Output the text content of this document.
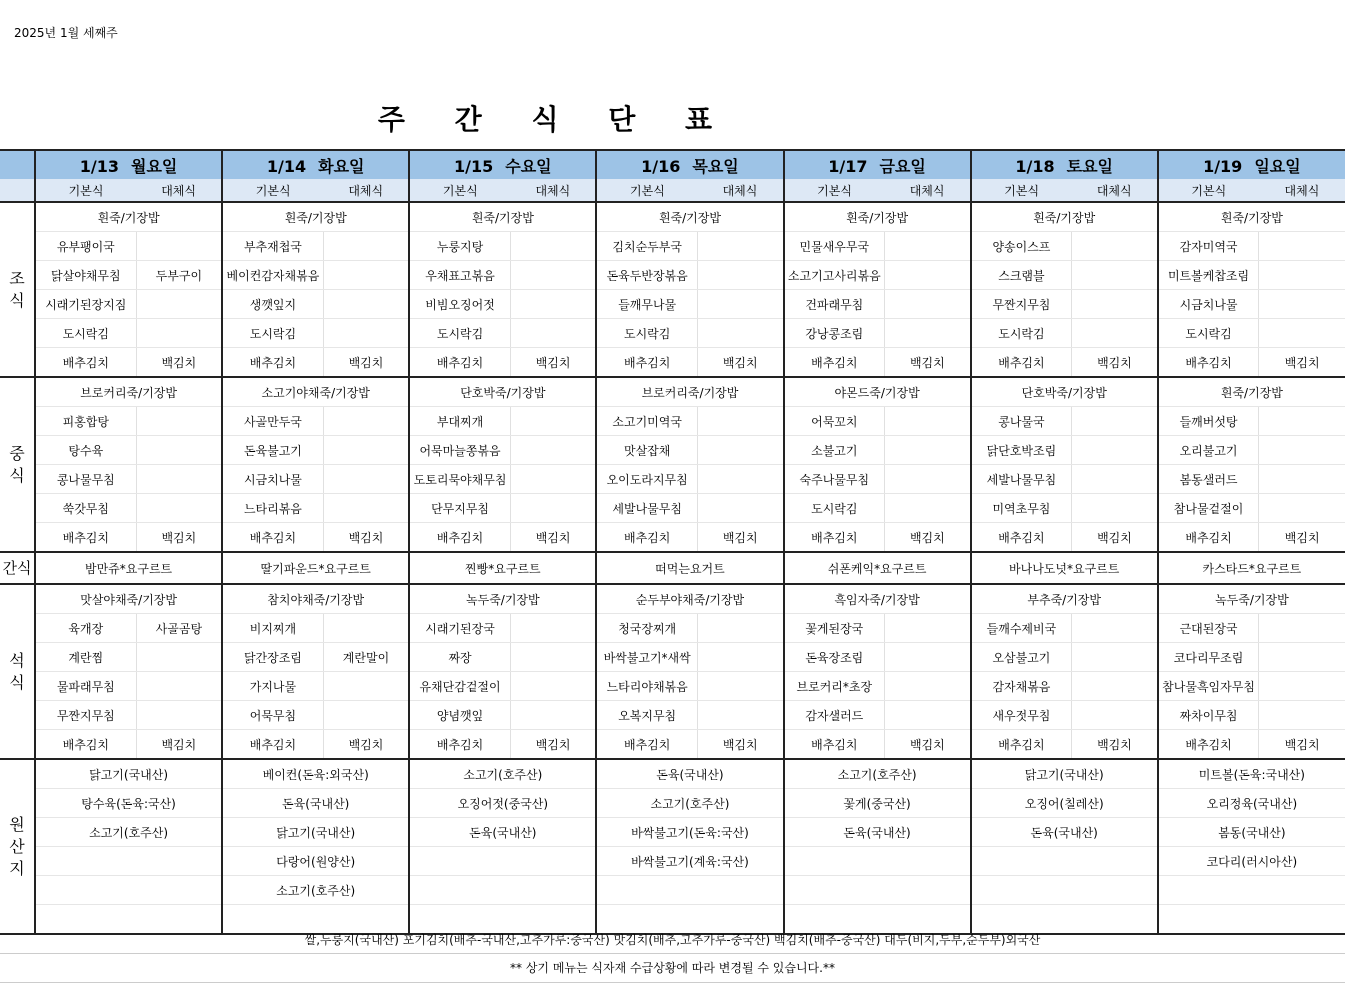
2025년 1월 세째주
주 간 식 단 표
	1/13 월요일		1/14 화요일		1/15 수요일		1/16 목요일		1/17 금요일		1/18 토요일		1/19 일요일	
	기본식	대체식	기본식	대체식	기본식	대체식	기본식	대체식	기본식	대체식	기본식	대체식	기본식	대체식
조
식	흰죽/기장밥		흰죽/기장밥		흰죽/기장밥		흰죽/기장밥		흰죽/기장밥		흰죽/기장밥		흰죽/기장밥	
	유부팽이국		부추재첩국		누룽지탕		김치순두부국		민물새우무국		양송이스프		감자미역국	
	닭살야채무침	두부구이	베이컨감자채볶음		우채표고볶음		돈육두반장볶음		소고기고사리볶음		스크램블		미트볼케찹조림	
	시래기된장지짐		생깻잎지		비빔오징어젓		들깨무나물		건파래무침		무짠지무침		시금치나물	
	도시락김		도시락김		도시락김		도시락김		강낭콩조림		도시락김		도시락김	
	배추김치	백김치	배추김치	백김치	배추김치	백김치	배추김치	백김치	배추김치	백김치	배추김치	백김치	배추김치	백김치
중
식	브로커리죽/기장밥		소고기야채죽/기장밥		단호박죽/기장밥		브로커리죽/기장밥		야몬드죽/기장밥		단호박죽/기장밥		흰죽/기장밥	
	피홍합탕		사골만두국		부대찌개		소고기미역국		어묵꼬치		콩나물국		들깨버섯탕	
	탕수육		돈육불고기		어묵마늘쫑볶음		맛살잡채		소불고기		닭단호박조림		오리불고기	
	콩나물무침		시금치나물		도토리묵야채무침		오이도라지무침		숙주나물무침		세발나물무침		봄동샐러드	
	쑥갓무침		느타리볶음		단무지무침		세발나물무침		도시락김		미역초무침		참나물겉절이	
	배추김치	백김치	배추김치	백김치	배추김치	백김치	배추김치	백김치	배추김치	백김치	배추김치	백김치	배추김치	백김치
간식	밤만쥬*요구르트		딸기파운드*요구르트		찐빵*요구르트		떠먹는요거트		쉬폰케익*요구르트		바나나도넛*요구르트		카스타드*요구르트	
석
식	맛살야채죽/기장밥		참치야채죽/기장밥		녹두죽/기장밥		순두부야채죽/기장밥		흑임자죽/기장밥		부추죽/기장밥		녹두죽/기장밥	
	육개장	사골곰탕	비지찌개		시래기된장국		청국장찌개		꽃게된장국		들깨수제비국		근대된장국	
	계란찜		닭간장조림	계란말이	짜장		바싹불고기*새싹		돈육장조림		오삼불고기		코다리무조림	
	물파래무침		가지나물		유채단감겉절이		느타리야채볶음		브로커리*초장		감자채볶음		참나물흑임자무침	
	무짠지무침		어묵무침		양념깻잎		오복지무침		감자샐러드		새우젓무침		짜차이무침	
	배추김치	백김치	배추김치	백김치	배추김치	백김치	배추김치	백김치	배추김치	백김치	배추김치	백김치	배추김치	백김치
원
산
지	닭고기(국내산)		베이컨(돈육:외국산)		소고기(호주산)		돈육(국내산)		소고기(호주산)		닭고기(국내산)		미트볼(돈육:국내산)	
	탕수육(돈육:국산)		돈육(국내산)		오징어젓(중국산)		소고기(호주산)		꽃게(중국산)		오징어(칠레산)		오리정육(국내산)	
	소고기(호주산)		닭고기(국내산)		돈육(국내산)		바싹불고기(돈육:국산)		돈육(국내산)		돈육(국내산)		봄동(국내산)	
			다랑어(원양산)				바싹불고기(계육:국산)						코다리(러시아산)	
			소고기(호주산)											

쌀,누룽지(국내산) 포기김치(배추-국내산,고추가루:중국산) 맛김치(배추,고추가루-중국산) 백김치(배추-중국산) 대두(비지,두부,순두부)외국산
** 상기 메뉴는 식자재 수급상황에 따라 변경될 수 있습니다.**
